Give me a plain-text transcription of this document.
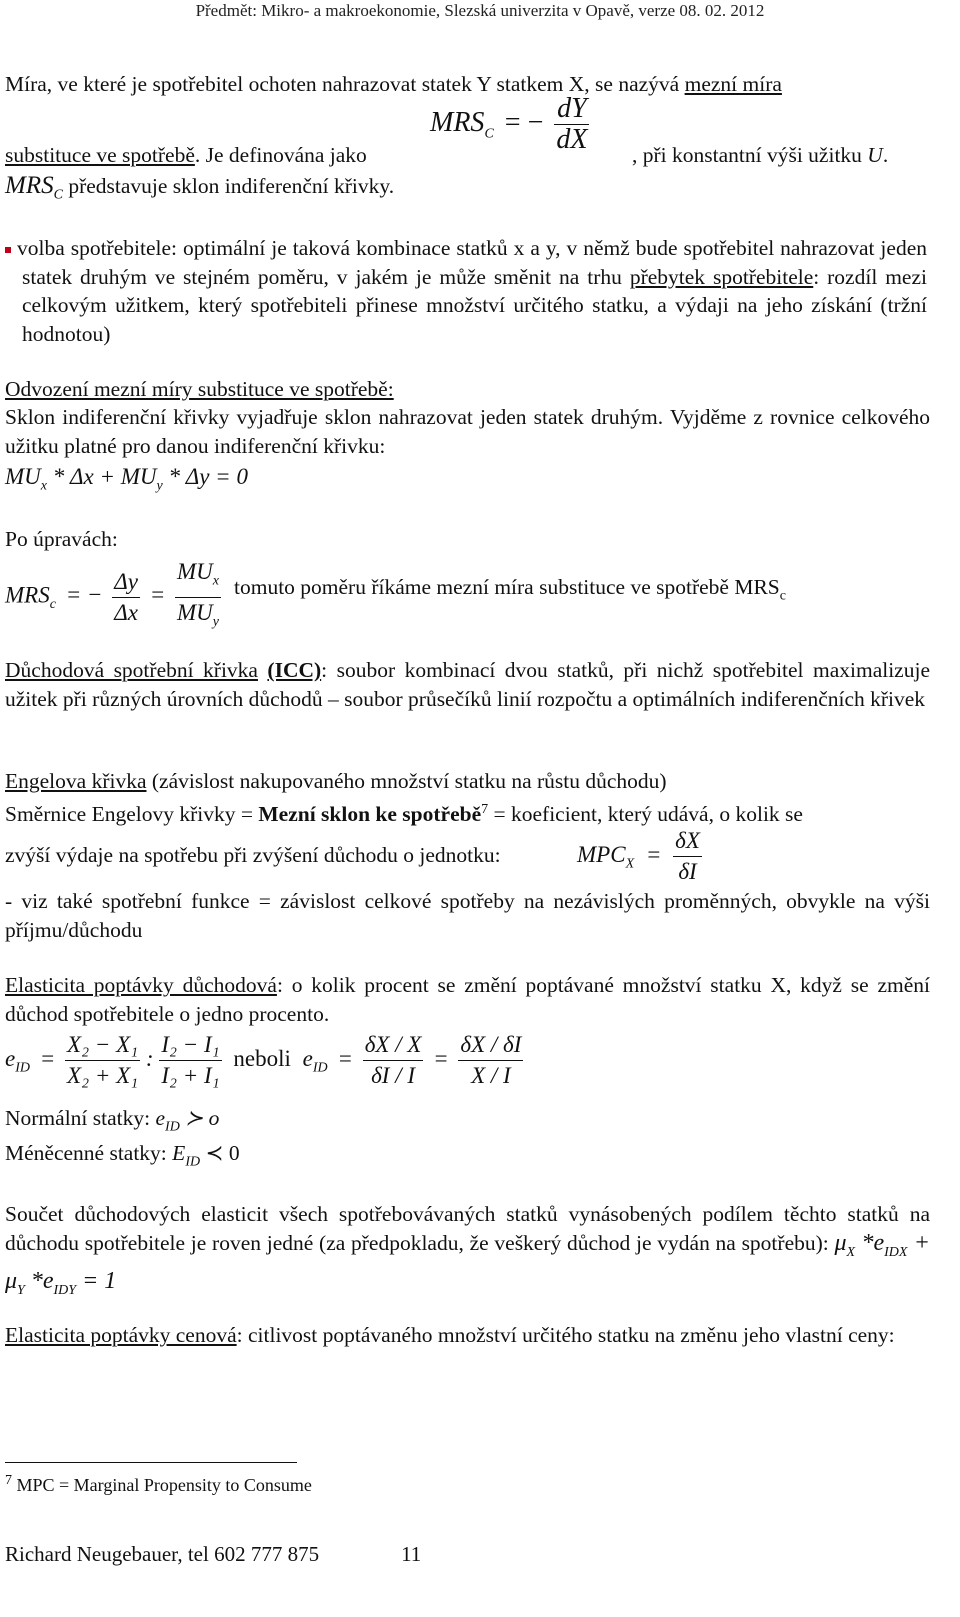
Předmět: Mikro- a makroekonomie, Slezská univerzita v Opavě, verze 08. 02. 2012
Míra, ve které je spotřebitel ochoten nahrazovat statek Y statkem X, se nazývá mezní míra
substituce ve spotřebě. Je definována jako
$MRS_C$ = − $\frac{dY}{dX}$ , při konstantní výši užitku U.
$MRS_C$ představuje sklon indiferenční křivky.
volba spotřebitele: optimální je taková kombinace statků x a y, v němž bude spotřebitel nahrazovat jeden statek druhým ve stejném poměru, v jakém je může směnit na trhu přebytek spotřebitele: rozdíl mezi celkovým užitkem, který spotřebiteli přinese množství určitého statku, a výdaji na jeho získání (tržní hodnotou)
Odvození mezní míry substituce ve spotřebě:
Sklon indiferenční křivky vyjadřuje sklon nahrazovat jeden statek druhým. Vyjděme z rovnice celkového užitku platné pro danou indiferenční křivku:
$MU_x * \Delta x + MU_y * \Delta y = 0$
Po úpravách:
$MRS_c$ = − $\frac{\Delta y}{\Delta x} = \frac{MU_x}{MU_y}$ tomuto poměru říkáme mezní míra substituce ve spotřebě $MRS_c$
Důchodová spotřební křivka (ICC): soubor kombinací dvou statků, při nichž spotřebitel maximalizuje užitek při různých úrovních důchodů – soubor průsečíků linií rozpočtu a optimálních indiferenčních křivek
Engelova křivka (závislost nakupovaného množství statku na růstu důchodu)
Směrnice Engelovy křivky = Mezní sklon ke spotřebě$^7$ = koeficient, který udává, o kolik se
zvýší výdaje na spotřebu při zvýšení důchodu o jednotku:	$MPC_X = \frac{\delta X}{\delta I}$
- viz také spotřební funkce = závislost celkové spotřeby na nezávislých proměnných, obvykle na výši příjmu/důchodu
Elasticita poptávky důchodová: o kolik procent se změní poptávané množství statku X, když se změní důchod spotřebitele o jedno procento.
$e_{ID} = \frac{\text{X₂ − X₁}}{\text{X₂ + X₁}}$ : $\frac{\text{I₂ − I₁}}{\text{I₂ + I₁}}$ neboli $e_{ID} = \frac{\delta X / X}{\delta I / I} = \frac{\delta X / \delta I}{X / I}$
Normální statky: $e_{ID}$ ≻ o
Méněcenné statky: $E_{ID}$ ≺ 0
Součet důchodových elasticit všech spotřebovávaných statků vynásobených podílem těchto statků na důchodu spotřebitele je roven jedné (za předpokladu, že veškerý důchod je vydán na spotřebu): $\mu_X$ $*e_{IDX} + \mu_Y$ $*e_{IDY} = 1$
Elasticita poptávky cenová: citlivost poptávaného množství určitého statku na změnu jeho vlastní ceny:
$^7$ MPC = Marginal Propensity to Consume
Richard Neugebauer, tel 602 777 875	11
